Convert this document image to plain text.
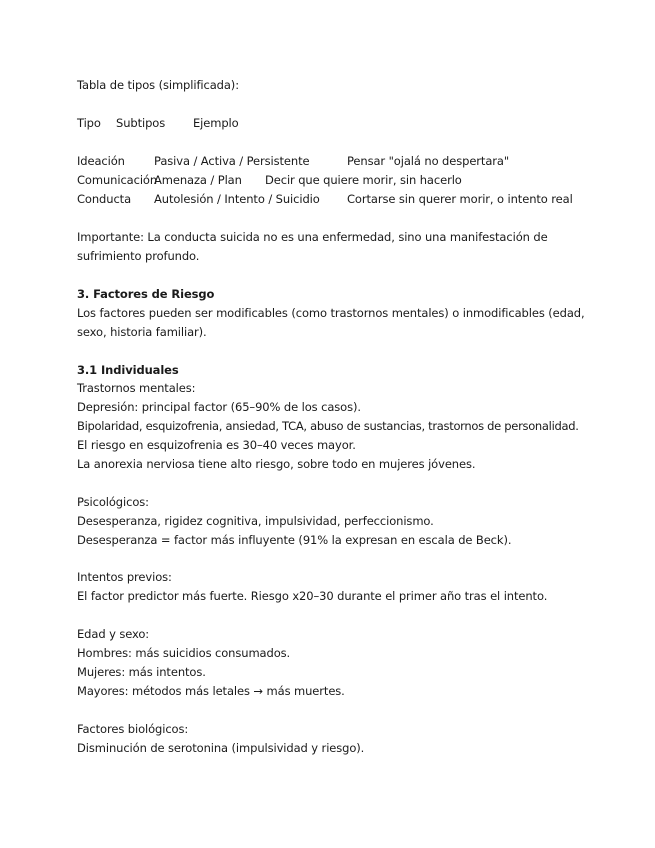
Tabla de tipos (simplificada):
Tipo Subtipos Ejemplo
Ideación	Pasiva / Activa / Persistente	Pensar "ojalá no despertara"
Comunicación
Amenaza / Plan Decir que quiere morir, sin hacerlo
Conducta Autolesión / Intento / Suicidio Cortarse sin querer morir, o intento real
Importante: La conducta suicida no es una enfermedad, sino una manifestación de
sufrimiento profundo.
3. Factores de Riesgo
Los factores pueden ser modificables (como trastornos mentales) o inmodificables (edad,
sexo, historia familiar).
3.1 Individuales
Trastornos mentales:
Depresión: principal factor (65–90% de los casos).
Bipolaridad, esquizofrenia, ansiedad, TCA, abuso de sustancias, trastornos de personalidad.
El riesgo en esquizofrenia es 30–40 veces mayor.
La anorexia nerviosa tiene alto riesgo, sobre todo en mujeres jóvenes.
Psicológicos:
Desesperanza, rigidez cognitiva, impulsividad, perfeccionismo.
Desesperanza = factor más influyente (91% la expresan en escala de Beck).
Intentos previos:
El factor predictor más fuerte. Riesgo x20–30 durante el primer año tras el intento.
Edad y sexo:
Hombres: más suicidios consumados.
Mujeres: más intentos.
Mayores: métodos más letales → más muertes.
Factores biológicos:
Disminución de serotonina (impulsividad y riesgo).
